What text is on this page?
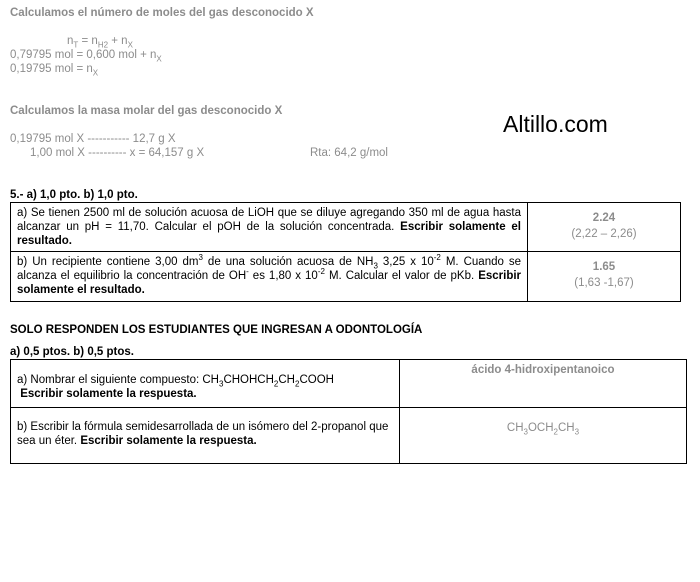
Calculamos el número de moles del gas desconocido X
$n_T = n_{H2} + n_X$
0,79795 mol = 0,600 mol + $n_X$
0,19795 mol = $n_X$
Calculamos la masa molar del gas desconocido X
0,19795 mol X ----------- 12,7 g X
1,00 mol X ---------- x = 64,157 g X	Rta: 64,2 g/mol
Altillo.com
5.- a) 1,0 pto. b) 1,0 pto.
a) Se tienen 2500 ml de solución acuosa de LiOH que se diluye agregando 350 ml de agua hasta alcanzar un pH = 11,70. Calcular el pOH de la solución concentrada. Escribir solamente el resultado.	2.24
(2,22 – 2,26)

b) Un recipiente contiene 3,00 $dm^3$ de una solución acuosa de $NH_3$ 3,25 x $10^{-2}$ M. Cuando se alcanza el equilibrio la concentración de OH- es 1,80 x $10^{-2}$ M. Calcular el valor de pKb. Escribir solamente el resultado.	1.65
(1,63 -1,67)
SOLO RESPONDEN LOS ESTUDIANTES QUE INGRESAN A ODONTOLOGÍA
a) 0,5 ptos. b) 0,5 ptos.
a) Nombrar el siguiente compuesto: $CH_3CHOHCH_2CH_2COOH$
Escribir solamente la respuesta.	ácido 4-hidroxipentanoico
b) Escribir la fórmula semidesarrollada de un isómero del 2-propanol que sea un éter. Escribir solamente la respuesta.	$CH_3OCH_2CH_3$
